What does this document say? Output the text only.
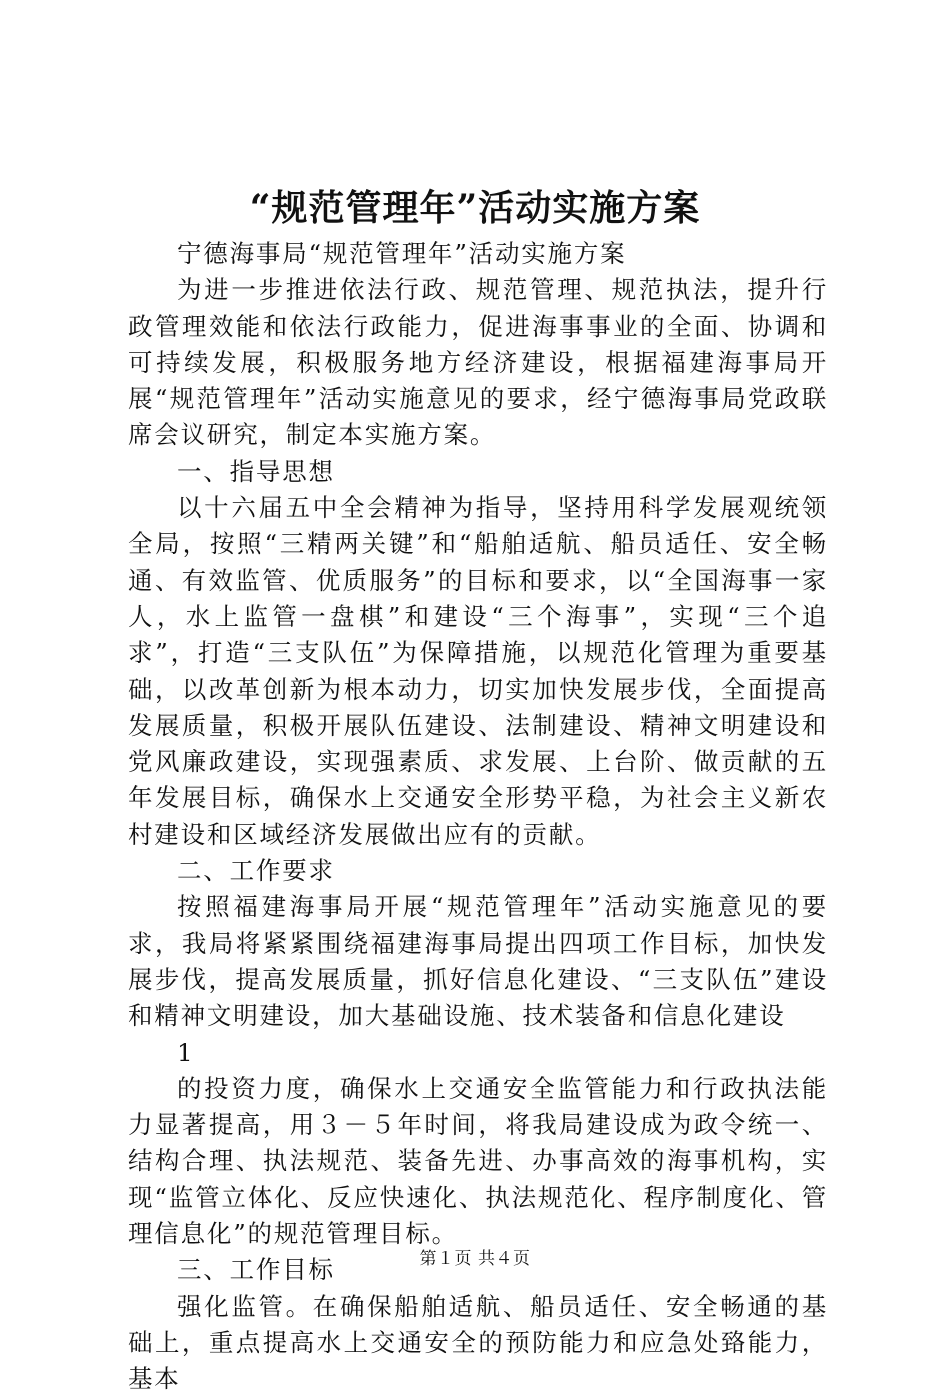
“规范管理年”活动实施方案

宁德海事局“规范管理年”活动实施方案

为进一步推进依法行政、规范管理、规范执法，提升行政管理效能和依法行政能力，促进海事事业的全面、协调和可持续发展，积极服务地方经济建设，根据福建海事局开展“规范管理年”活动实施意见的要求，经宁德海事局党政联席会议研究，制定本实施方案。

一、指导思想

以十六届五中全会精神为指导，坚持用科学发展观统领全局，按照“三精两关键”和“船舶适航、船员适任、安全畅通、有效监管、优质服务”的目标和要求，以“全国海事一家人，水上监管一盘棋”和建设“三个海事”，实现“三个追求”，打造“三支队伍”为保障措施，以规范化管理为重要基础，以改革创新为根本动力，切实加快发展步伐，全面提高发展质量，积极开展队伍建设、法制建设、精神文明建设和党风廉政建设，实现强素质、求发展、上台阶、做贡献的五年发展目标，确保水上交通安全形势平稳，为社会主义新农村建设和区域经济发展做出应有的贡献。

二、工作要求

按照福建海事局开展“规范管理年”活动实施意见的要求，我局将紧紧围绕福建海事局提出四项工作目标，加快发展步伐，提高发展质量，抓好信息化建设、“三支队伍”建设和精神文明建设，加大基础设施、技术装备和信息化建设

1

的投资力度，确保水上交通安全监管能力和行政执法能力显著提高，用３－５年时间，将我局建设成为政令统一、结构合理、执法规范、装备先进、办事高效的海事机构，实现“监管立体化、反应快速化、执法规范化、程序制度化、管理信息化”的规范管理目标。

三、工作目标

强化监管。在确保船舶适航、船员适任、安全畅通的基础上，重点提高水上交通安全的预防能力和应急处臵能力，基本

第１页 共４页
